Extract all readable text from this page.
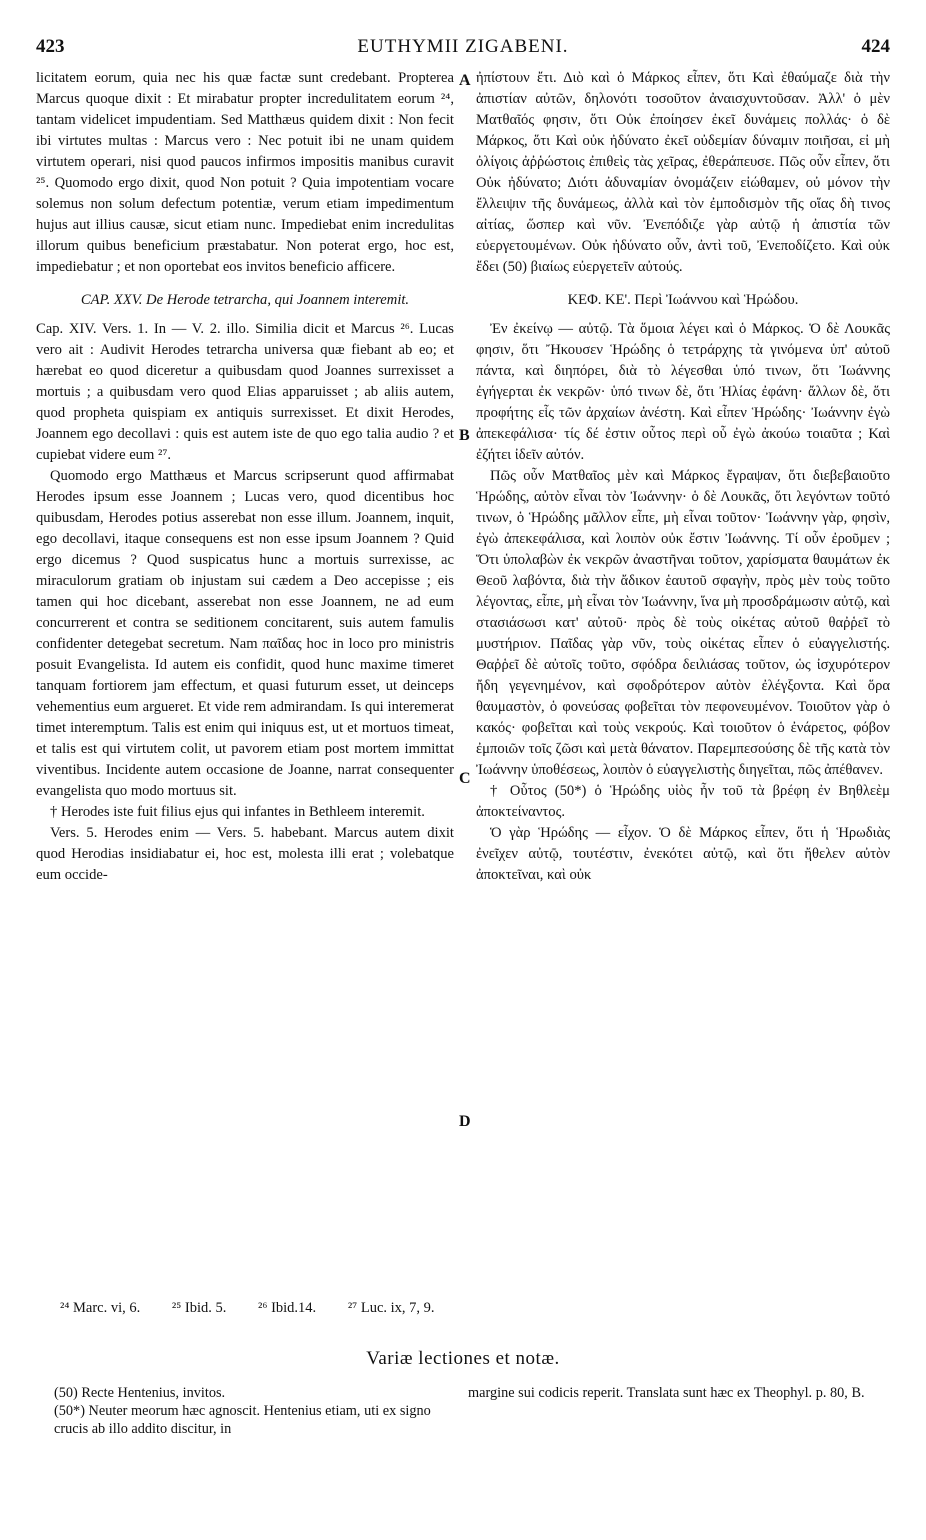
423	EUTHYMII ZIGABENI.	424
A
B
C
D

licitatem eorum, quia nec his quæ factæ sunt credebant. Propterea Marcus quoque dixit : Et mirabatur propter incredulitatem eorum ²⁴, tantam videlicet impudentiam. Sed Matthæus quidem dixit : Non fecit ibi virtutes multas : Marcus vero : Nec potuit ibi ne unam quidem virtutem operari, nisi quod paucos infirmos impositis manibus curavit ²⁵. Quomodo ergo dixit, quod Non potuit ? Quia impotentiam vocare solemus non solum defectum potentiæ, verum etiam impedimentum hujus aut illius causæ, sicut etiam nunc. Impediebat enim incredulitas illorum quibus beneficium præstabatur. Non poterat ergo, hoc est, impediebatur ; et non oportebat eos invitos beneficio afficere.

CAP. XXV. De Herode tetrarcha, qui Joannem interemit.

Cap. XIV. Vers. 1. In — V. 2. illo. Similia dicit et Marcus ²⁶. Lucas vero ait : Audivit Herodes tetrarcha universa quæ fiebant ab eo; et hærebat eo quod diceretur a quibusdam quod Joannes surrexisset a mortuis ; a quibusdam vero quod Elias apparuisset ; ab aliis autem, quod propheta quispiam ex antiquis surrexisset. Et dixit Herodes, Joannem ego decollavi : quis est autem iste de quo ego talia audio ? et cupiebat videre eum ²⁷.

Quomodo ergo Matthæus et Marcus scripserunt quod affirmabat Herodes ipsum esse Joannem ; Lucas vero, quod dicentibus hoc quibusdam, Herodes potius asserebat non esse illum. Joannem, inquit, ego decollavi, itaque consequens est non esse ipsum Joannem ? Quid ergo dicemus ? Quod suspicatus hunc a mortuis surrexisse, ac miraculorum gratiam ob injustam sui cædem a Deo accepisse ; eis tamen qui hoc dicebant, asserebat non esse Joannem, ne ad eum concurrerent et contra se seditionem concitarent, suis autem famulis confidenter detegebat secretum. Nam παῖδας hoc in loco pro ministris posuit Evangelista. Id autem eis confidit, quod hunc maxime timeret tanquam fortiorem jam effectum, et quasi futurum esset, ut deinceps vehementius eum argueret. Et vide rem admirandam. Is qui interemerat timet interemptum. Talis est enim qui iniquus est, ut et mortuos timeat, et talis est qui virtutem colit, ut pavorem etiam post mortem immittat viventibus. Incidente autem occasione de Joanne, narrat consequenter evangelista quo modo mortuus sit.

† Herodes iste fuit filius ejus qui infantes in Bethleem interemit.

Vers. 5. Herodes enim — Vers. 5. habebant. Marcus autem dixit quod Herodias insidiabatur ei, hoc est, molesta illi erat ; volebatque eum occide-

ἠπίστουν ἔτι. Διὸ καὶ ὁ Μάρκος εἶπεν, ὅτι Καὶ ἐθαύμαζε διὰ τὴν ἀπιστίαν αὐτῶν, δηλονότι τοσοῦτον ἀναισχυντοῦσαν. Ἀλλ' ὁ μὲν Ματθαῖός φησιν, ὅτι Οὐκ ἐποίησεν ἐκεῖ δυνάμεις πολλάς· ὁ δὲ Μάρκος, ὅτι Καὶ οὐκ ἠδύνατο ἐκεῖ οὐδεμίαν δύναμιν ποιῆσαι, εἰ μὴ ὀλίγοις ἀῤῥώστοις ἐπιθεὶς τὰς χεῖρας, ἐθεράπευσε. Πῶς οὖν εἶπεν, ὅτι Οὐκ ἠδύνατο; Διότι ἀδυναμίαν ὀνομάζειν εἰώθαμεν, οὐ μόνον τὴν ἔλλειψιν τῆς δυνάμεως, ἀλλὰ καὶ τὸν ἐμποδισμὸν τῆς οἵας δὴ τινος αἰτίας, ὥσπερ καὶ νῦν. Ἐνεπόδιζε γὰρ αὐτῷ ἡ ἀπιστία τῶν εὐεργετουμένων. Οὐκ ἠδύνατο οὖν, ἀντὶ τοῦ, Ἐνεποδίζετο. Καὶ οὐκ ἔδει (50) βιαίως εὐεργετεῖν αὐτούς.

ΚΕΦ. ΚΕ'. Περὶ Ἰωάννου καὶ Ἡρώδου.

Ἐν ἐκείνῳ — αὐτῷ. Τὰ ὅμοια λέγει καὶ ὁ Μάρκος. Ὁ δὲ Λουκᾶς φησιν, ὅτι Ἤκουσεν Ἡρώδης ὁ τετράρχης τὰ γινόμενα ὑπ' αὐτοῦ πάντα, καὶ διηπόρει, διὰ τὸ λέγεσθαι ὑπό τινων, ὅτι Ἰωάννης ἐγήγερται ἐκ νεκρῶν· ὑπό τινων δὲ, ὅτι Ἠλίας ἐφάνη· ἄλλων δὲ, ὅτι προφήτης εἷς τῶν ἀρχαίων ἀνέστη. Καὶ εἶπεν Ἡρώδης· Ἰωάννην ἐγὼ ἀπεκεφάλισα· τίς δέ ἐστιν οὗτος περὶ οὗ ἐγὼ ἀκούω τοιαῦτα ; Καὶ ἐζήτει ἰδεῖν αὐτόν.

Πῶς οὖν Ματθαῖος μὲν καὶ Μάρκος ἔγραψαν, ὅτι διεβεβαιοῦτο Ἡρώδης, αὐτὸν εἶναι τὸν Ἰωάννην· ὁ δὲ Λουκᾶς, ὅτι λεγόντων τοῦτό τινων, ὁ Ἡρώδης μᾶλλον εἶπε, μὴ εἶναι τοῦτον· Ἰωάννην γὰρ, φησὶν, ἐγὼ ἀπεκεφάλισα, καὶ λοιπὸν οὐκ ἔστιν Ἰωάννης. Τί οὖν ἐροῦμεν ; Ὅτι ὑπολαβὼν ἐκ νεκρῶν ἀναστῆναι τοῦτον, χαρίσματα θαυμάτων ἐκ Θεοῦ λαβόντα, διὰ τὴν ἄδικον ἑαυτοῦ σφαγὴν, πρὸς μὲν τοὺς τοῦτο λέγοντας, εἶπε, μὴ εἶναι τὸν Ἰωάννην, ἵνα μὴ προσδράμωσιν αὐτῷ, καὶ στασιάσωσι κατ' αὐτοῦ· πρὸς δὲ τοὺς οἰκέτας αὐτοῦ θαῤῥεῖ τὸ μυστήριον. Παῖδας γὰρ νῦν, τοὺς οἰκέτας εἶπεν ὁ εὐαγγελιστής. Θαῤῥεῖ δὲ αὐτοῖς τοῦτο, σφόδρα δειλιάσας τοῦτον, ὡς ἰσχυρότερον ἤδη γεγενημένον, καὶ σφοδρότερον αὐτὸν ἐλέγξοντα. Καὶ ὅρα θαυμαστὸν, ὁ φονεύσας φοβεῖται τὸν πεφονευμένον. Τοιοῦτον γὰρ ὁ κακός· φοβεῖται καὶ τοὺς νεκρούς. Καὶ τοιοῦτον ὁ ἐνάρετος, φόβον ἐμποιῶν τοῖς ζῶσι καὶ μετὰ θάνατον. Παρεμπεσούσης δὲ τῆς κατὰ τὸν Ἰωάννην ὑποθέσεως, λοιπὸν ὁ εὐαγγελιστὴς διηγεῖται, πῶς ἀπέθανεν.

† Οὗτος (50*) ὁ Ἡρώδης υἱὸς ἦν τοῦ τὰ βρέφη ἐν Βηθλεὲμ ἀποκτείναντος.

Ὁ γὰρ Ἡρώδης — εἶχον. Ὁ δὲ Μάρκος εἶπεν, ὅτι ἡ Ἡρωδιὰς ἐνεῖχεν αὐτῷ, τουτέστιν, ἐνεκότει αὐτῷ, καὶ ὅτι ἤθελεν αὐτὸν ἀποκτεῖναι, καὶ οὐκ

²⁴ Marc. vi, 6. ²⁵ Ibid. 5. ²⁶ Ibid.14. ²⁷ Luc. ix, 7, 9.
Variæ lectiones et notæ.

(50) Recte Hentenius, invitos.

(50*) Neuter meorum hæc agnoscit. Hentenius etiam, uti ex signo crucis ab illo addito discitur, in

margine sui codicis reperit. Translata sunt hæc ex Theophyl. p. 80, B.
